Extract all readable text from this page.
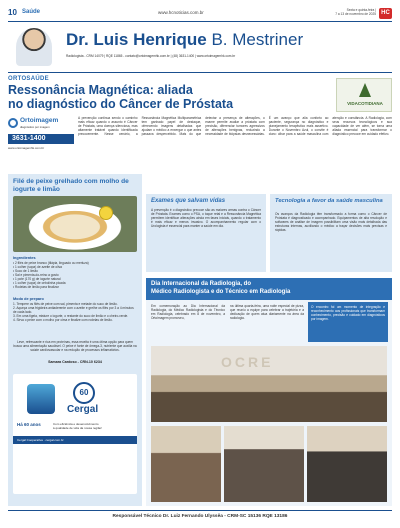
10 Saúde	www.hcnoticias.com.br	Sexta e quinta-feira |
7 a 13 de novembro de 2025 HC
Dr. Luis Henrique B. Mestriner
Radiologista - CRM 14079 | RQE 11865 - contato@ortoimagemhk.com.br | (48) 3631-1400 | www.ortoimagemhk.com.br
ORTOSAÚDE
Ressonância Magnética: aliada
no diagnóstico do Câncer de Próstata	VIDACOTIDIANA
Ortoimagem
diagnóstico por imagem
3631-1400
www.ortoimagemhk.com.br
A prevenção continua sendo o caminho mais eficaz quando o assunto é Câncer de Próstata, uma doença silenciosa, mas altamente tratável quando identificada precocemente. Nesse cenário, a Ressonância Magnética Multiparamétrica tem ganhado papel de destaque, oferecendo imagens detalhadas que ajudam o médico a enxergar o que antes passava despercebido. Mais do que detectar a presença de alterações, o exame permite avaliar a próstata com precisão, diferenciar tumores agressivos de alterações benignas, reduzindo a necessidade de biópsias desnecessárias. É um avanço que alia conforto ao paciente, segurança no diagnóstico e planejamento terapêutico mais assertivo. Durante o Novembro Azul, o convite é claro: olhar para a saúde masculina com atenção e constância. A Radiologia, com seus recursos tecnológicos e sua capacidade de ver além, se torna uma aliada essencial para transformar o diagnóstico precoce em cuidado efetivo.
Filé de peixe grelhado com molho de iogurte e limão
Ingredientes
• 2 filés de peixe branco (tilápia, linguado ou merluza)
• 1 colher (sopa) de azeite de oliva
• Suco de 1 limão
• Sal e pimenta-do-reino a gosto
• 1 pote (170 g) de iogurte natural
• 1 colher (sopa) de cebolinha picada
• Rodelas de limão para finalizar
Modo de preparo
1. Tempere os filés de peixe com sal, pimenta e metade do suco de limão.
2. Aqueça uma frigideira antiaderente com o azeite e grelhe os filés por 3 a 4 minutos de cada lado.
3. Em uma tigela, misture o iogurte, o restante do suco de limão e o cheiro-verde.
4. Sirva o peixe com o molho por cima e finalize com rodelas de limão.
Leve, refrescante e rica em proteínas, essa receita é uma ótima opção para quem busca uma alimentação saudável. O peixe é fonte de ômega-3, nutriente que auxilia na saúde cardiovascular e na redução de processos inflamatórios.
Samara Cardoso - CRN-10 6234
60
Cergal
Há 60 anos	Com eficiência e desenvolvimento
à qualidade de vida da nossa região!
Cergal Cooperativa · cergal.com.br
Exames que salvam vidas
A prevenção é o diagnóstico precoce são as maiores armas contra o Câncer de Próstata. Exames como o PSA, o toque retal e a Ressonância Magnética permitem identificar alterações ainda em fases iniciais, quando o tratamento é mais eficaz e menos invasivo. O acompanhamento regular com o Urologista é essencial para manter a saúde em dia.
Tecnologia a favor da saúde masculina
Os avanços da Radiologia têm transformado a forma como o Câncer de Próstata é diagnosticado e acompanhado. Equipamentos de alta resolução e softwares de análise de imagem possibilitam uma visão mais detalhada das estruturas internas, auxiliando o médico a traçar decisões mais precisas e rápidas.
Dia Internacional da Radiologia, do
Médico Radiologista e do Técnico em Radiologia
Em comemoração ao Dia Internacional da Radiologia, do Médico Radiologista e do Técnico em Radiologia, celebrado em 8 de novembro, a Ortoimagem promoveu,
na última quarta-feira, uma noite especial de pizza, que reuniu a equipe para celebrar a trajetória e a dedicação de quem atua diariamente na área da radiologia.
O encontro foi um momento de integração e reconhecimento aos profissionais que transformam conhecimento, precisão e cuidado em diagnósticos por imagem.
OCRE
Responsável Técnico Dr. Luiz Fernando Ulyssêa - CRM-SC 15136 RQE 13186
